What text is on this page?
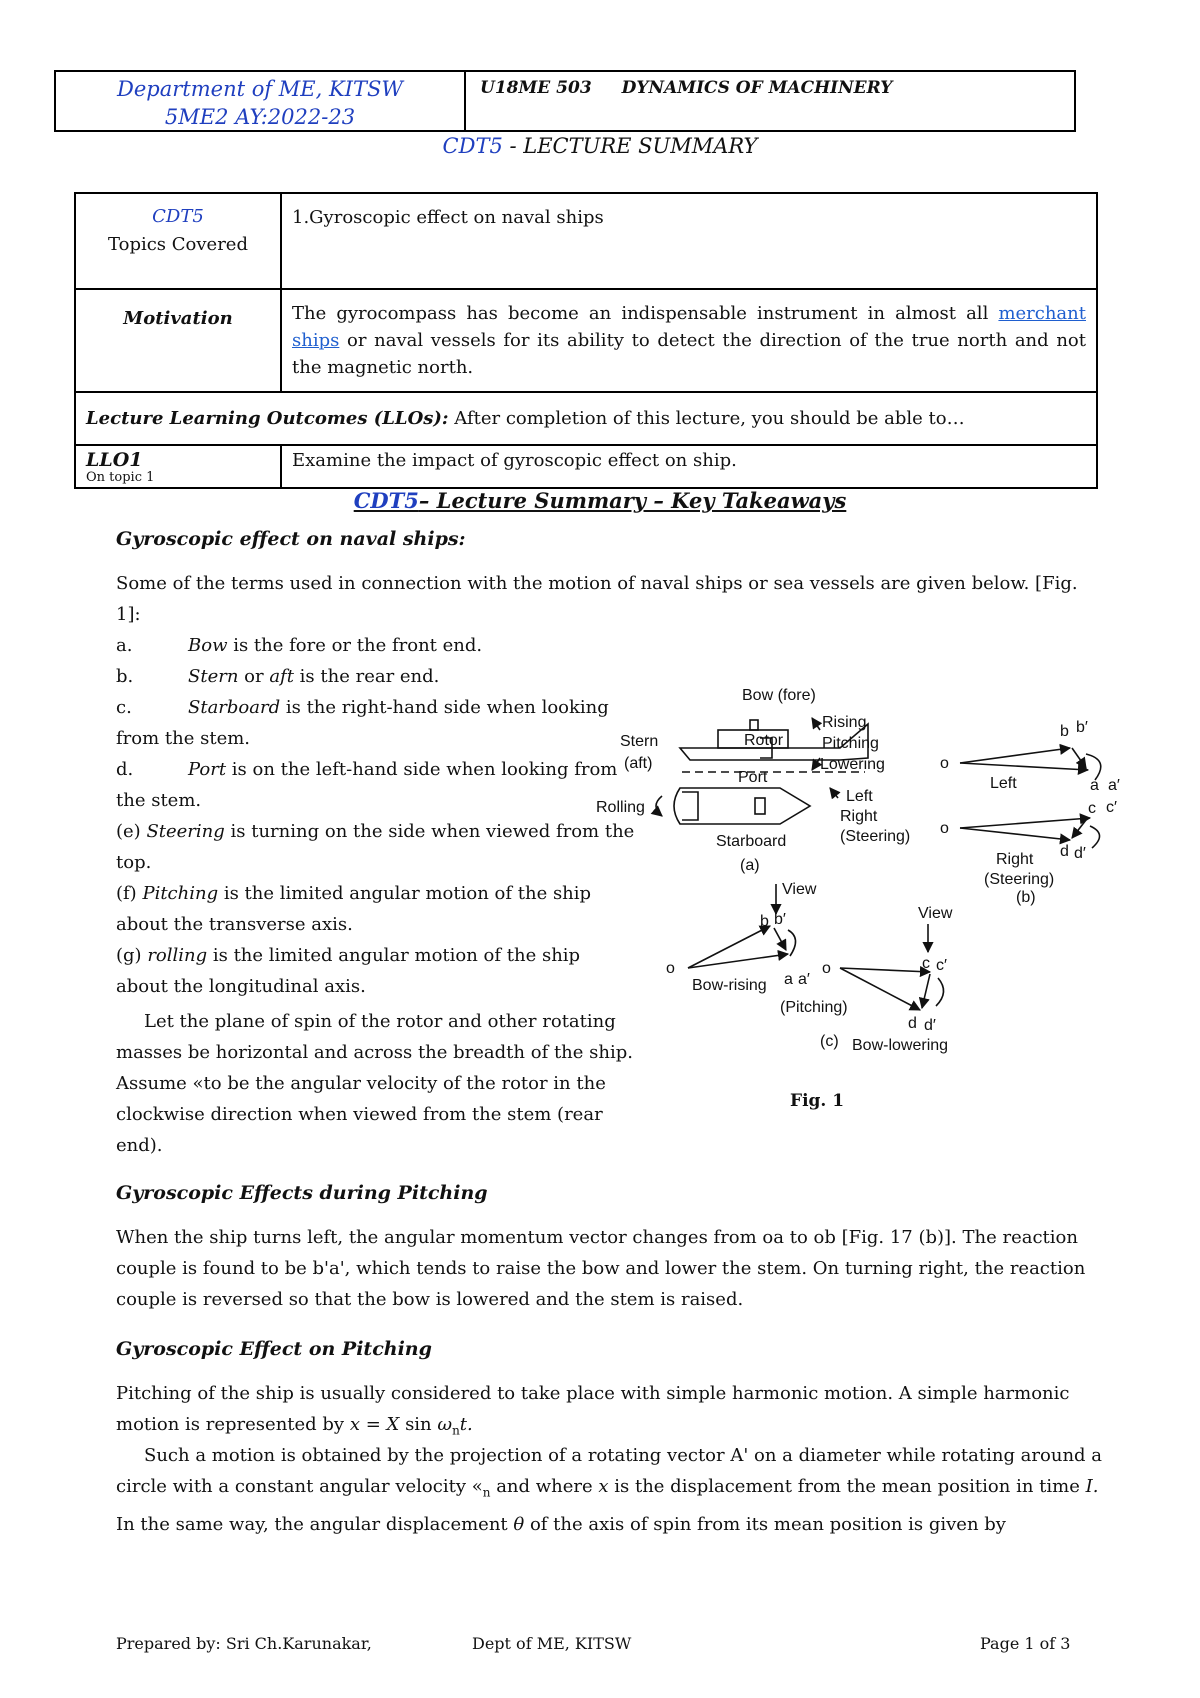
Department of ME, KITSW
5ME2 AY:2022-23
U18ME 503 DYNAMICS OF MACHINERY
CDT5 - LECTURE SUMMARY
CDT5
Topics Covered	1.Gyroscopic effect on naval ships
Motivation	The gyrocompass has become an indispensable instrument in almost all merchant ships or naval vessels for its ability to detect the direction of the true north and not the magnetic north.
Lecture Learning Outcomes (LLOs): After completion of this lecture, you should be able to…	

LLO1
On topic 1	Examine the impact of gyroscopic effect on ship.
CDT5– Lecture Summary – Key Takeaways
Gyroscopic effect on naval ships:
Some of the terms used in connection with the motion of naval ships or sea vessels are given below. [Fig. 1]:
a.	Bow is the fore or the front end.
b.	Stern or aft is the rear end.
c.	Starboard is the right-hand side when looking from the stem.
d.	Port is on the left-hand side when looking from the stem.
(e) Steering is turning on the side when viewed from the top.
(f) Pitching is the limited angular motion of the ship about the transverse axis.
(g) rolling is the limited angular motion of the ship about the longitudinal axis.
Let the plane of spin of the rotor and other rotating masses be horizontal and across the breadth of the ship. Assume «to be the angular velocity of the rotor in the clockwise direction when viewed from the stem (rear end).
Bow (fore)
Rising
Pitching
Lowering
Stern
(aft)
Rotor
Port
Rolling
Starboard
(a)
Left
Right
(Steering)
o
b b′
Left	a a′
o
c c′
d d′
Right
(Steering)
(b)
View
o
b b′
Bow-rising a a′
(Pitching)
(c)
View
o	c c′
d d′
Bow-lowering
Fig. 1
Gyroscopic Effects during Pitching
When the ship turns left, the angular momentum vector changes from oa to ob [Fig. 17 (b)]. The reaction couple is found to be b'a', which tends to raise the bow and lower the stem. On turning right, the reaction couple is reversed so that the bow is lowered and the stem is raised.
Gyroscopic Effect on Pitching
Pitching of the ship is usually considered to take place with simple harmonic motion. A simple harmonic motion is represented by x = X $\sin \omega_nt$.
Such a motion is obtained by the projection of a rotating vector A' on a diameter while rotating around a circle with a constant angular velocity «$_n$ and where x is the displacement from the mean position in time I. In the same way, the angular displacement θ of the axis of spin from its mean position is given by
Prepared by: Sri Ch.Karunakar,	Dept of ME, KITSW	Page 1 of 3
